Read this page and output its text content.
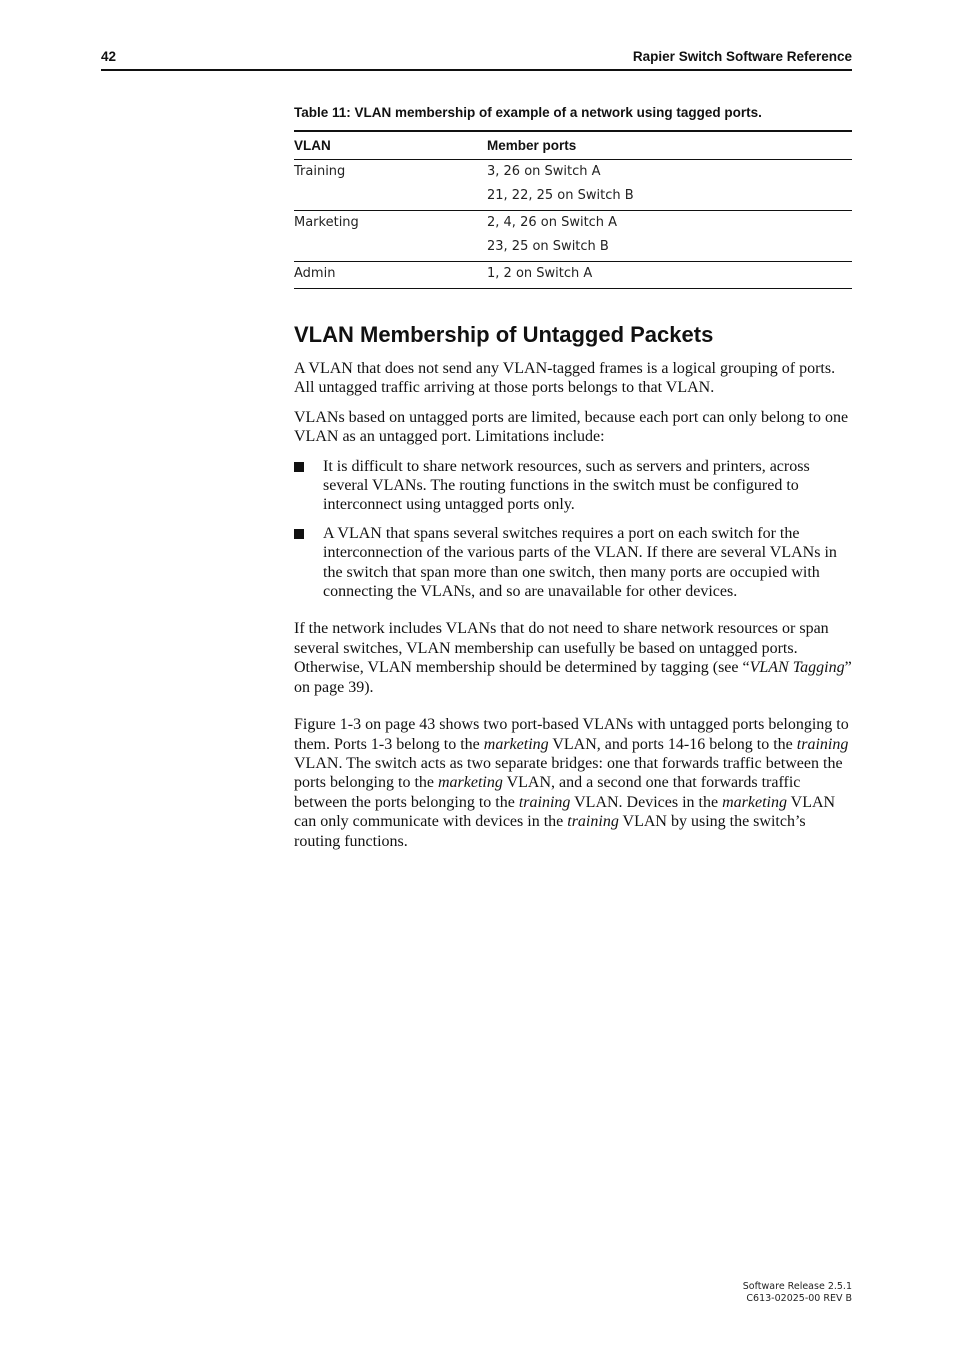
42	Rapier Switch Software Reference
Table 11: VLAN membership of example of a network using tagged ports.
VLAN	Member ports

Training	3, 26 on Switch A
21, 22, 25 on Switch B

Marketing	2, 4, 26 on Switch A
23, 25 on Switch B

Admin	1, 2 on Switch A
VLAN Membership of Untagged Packets

A VLAN that does not send any VLAN-tagged frames is a logical grouping of ports. All untagged traffic arriving at those ports belongs to that VLAN.

VLANs based on untagged ports are limited, because each port can only belong to one VLAN as an untagged port. Limitations include:

It is difficult to share network resources, such as servers and printers, across several VLANs. The routing functions in the switch must be configured to interconnect using untagged ports only.
A VLAN that spans several switches requires a port on each switch for the interconnection of the various parts of the VLAN. If there are several VLANs in the switch that span more than one switch, then many ports are occupied with connecting the VLANs, and so are unavailable for other devices.

If the network includes VLANs that do not need to share network resources or span several switches, VLAN membership can usefully be based on untagged ports. Otherwise, VLAN membership should be determined by tagging (see “VLAN Tagging” on page 39).

Figure 1-3 on page 43 shows two port-based VLANs with untagged ports belonging to them. Ports 1-3 belong to the marketing VLAN, and ports 14-16 belong to the training VLAN. The switch acts as two separate bridges: one that forwards traffic between the ports belonging to the marketing VLAN, and a second one that forwards traffic between the ports belonging to the training VLAN. Devices in the marketing VLAN can only communicate with devices in the training VLAN by using the switch’s routing functions.

Software Release 2.5.1
C613-02025-00 REV B
